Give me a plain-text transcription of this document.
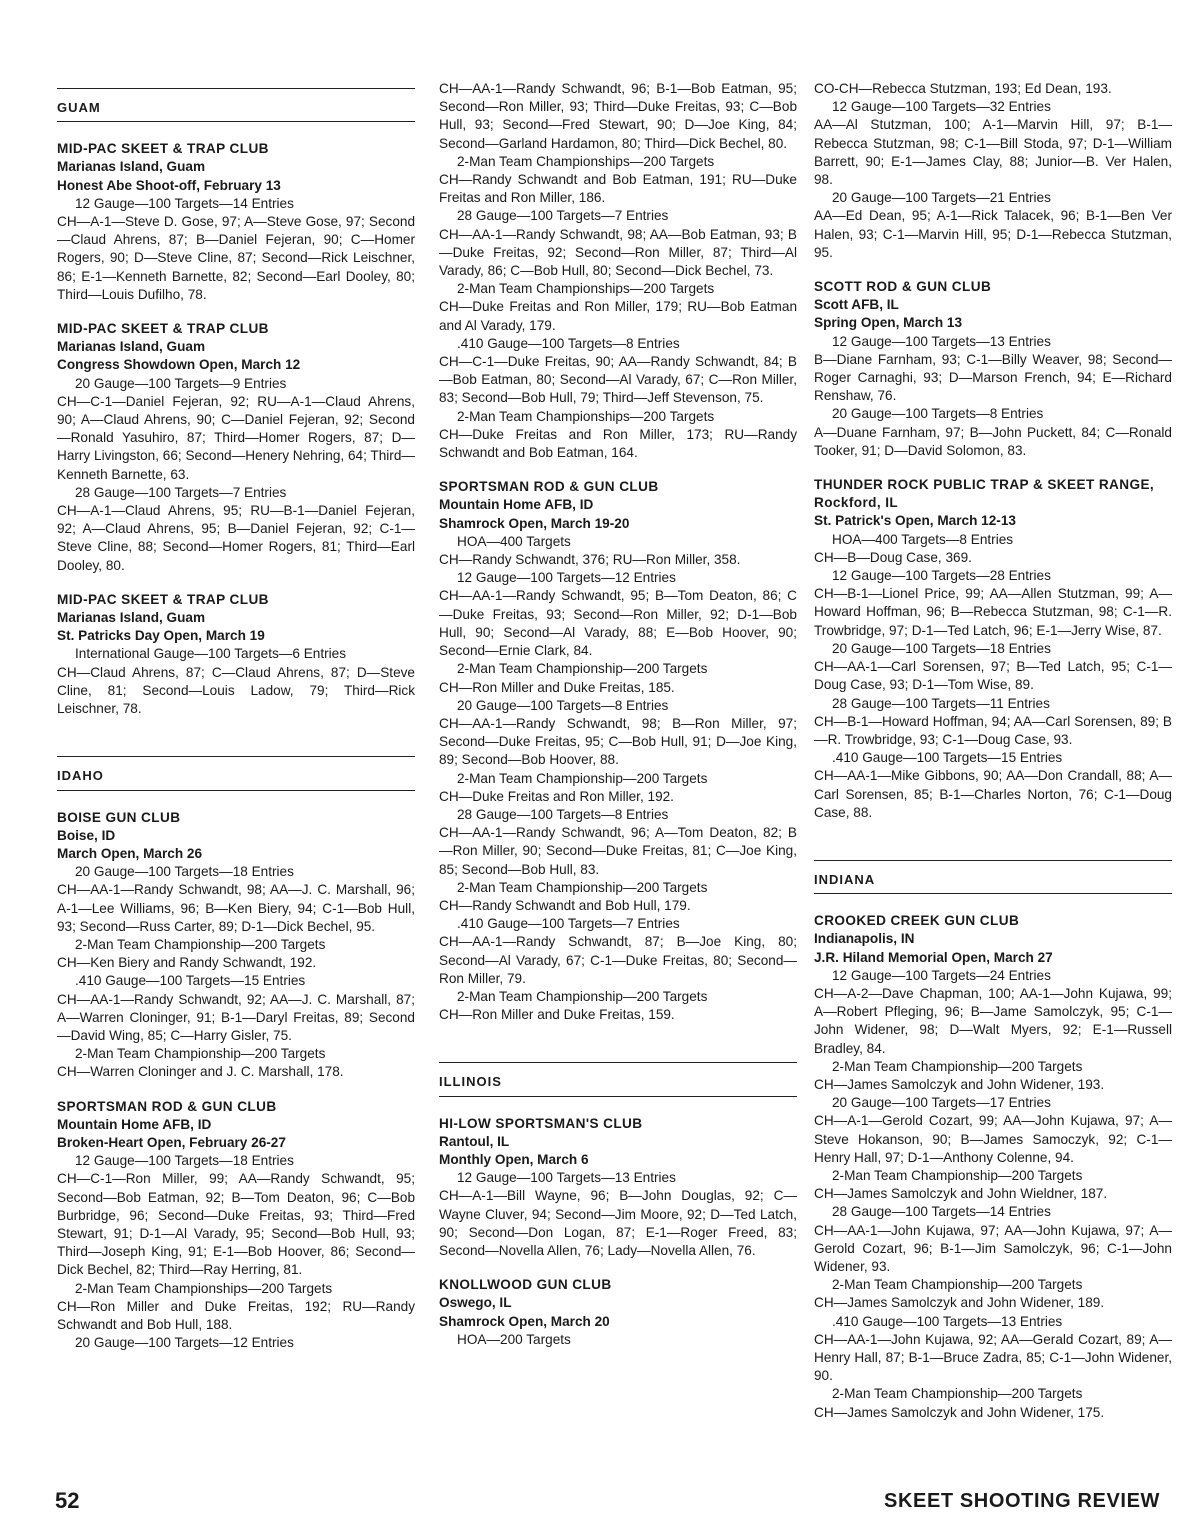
GUAM
MID-PAC SKEET & TRAP CLUB
Marianas Island, Guam
Honest Abe Shoot-off, February 13
12 Gauge—100 Targets—14 Entries
CH—A-1—Steve D. Gose, 97; A—Steve Gose, 97; Second—Claud Ahrens, 87; B—Daniel Fejeran, 90; C—Homer Rogers, 90; D—Steve Cline, 87; Second—Rick Leischner, 86; E-1—Kenneth Barnette, 82; Second—Earl Dooley, 80; Third—Louis Dufilho, 78.
MID-PAC SKEET & TRAP CLUB
Marianas Island, Guam
Congress Showdown Open, March 12
20 Gauge—100 Targets—9 Entries
CH—C-1—Daniel Fejeran, 92; RU—A-1—Claud Ahrens, 90; A—Claud Ahrens, 90; C—Daniel Fejeran, 92; Second—Ronald Yasuhiro, 87; Third—Homer Rogers, 87; D—Harry Livingston, 66; Second—Henery Nehring, 64; Third—Kenneth Barnette, 63.
28 Gauge—100 Targets—7 Entries
CH—A-1—Claud Ahrens, 95; RU—B-1—Daniel Fejeran, 92; A—Claud Ahrens, 95; B—Daniel Fejeran, 92; C-1—Steve Cline, 88; Second—Homer Rogers, 81; Third—Earl Dooley, 80.
MID-PAC SKEET & TRAP CLUB
Marianas Island, Guam
St. Patricks Day Open, March 19
International Gauge—100 Targets—6 Entries
CH—Claud Ahrens, 87; C—Claud Ahrens, 87; D—Steve Cline, 81; Second—Louis Ladow, 79; Third—Rick Leischner, 78.
IDAHO
BOISE GUN CLUB
Boise, ID
March Open, March 26
20 Gauge—100 Targets—18 Entries
CH—AA-1—Randy Schwandt, 98; AA—J. C. Marshall, 96; A-1—Lee Williams, 96; B—Ken Biery, 94; C-1—Bob Hull, 93; Second—Russ Carter, 89; D-1—Dick Bechel, 95.
2-Man Team Championship—200 Targets
CH—Ken Biery and Randy Schwandt, 192.
.410 Gauge—100 Targets—15 Entries
CH—AA-1—Randy Schwandt, 92; AA—J. C. Marshall, 87; A—Warren Cloninger, 91; B-1—Daryl Freitas, 89; Second—David Wing, 85; C—Harry Gisler, 75.
2-Man Team Championship—200 Targets
CH—Warren Cloninger and J. C. Marshall, 178.
SPORTSMAN ROD & GUN CLUB
Mountain Home AFB, ID
Broken-Heart Open, February 26-27
12 Gauge—100 Targets—18 Entries
CH—C-1—Ron Miller, 99; AA—Randy Schwandt, 95; Second—Bob Eatman, 92; B—Tom Deaton, 96; C—Bob Burbridge, 96; Second—Duke Freitas, 93; Third—Fred Stewart, 91; D-1—Al Varady, 95; Second—Bob Hull, 93; Third—Joseph King, 91; E-1—Bob Hoover, 86; Second—Dick Bechel, 82; Third—Ray Herring, 81.
2-Man Team Championships—200 Targets
CH—Ron Miller and Duke Freitas, 192; RU—Randy Schwandt and Bob Hull, 188.
20 Gauge—100 Targets—12 Entries
CH—AA-1—Randy Schwandt, 96; B-1—Bob Eatman, 95; Second—Ron Miller, 93; Third—Duke Freitas, 93; C—Bob Hull, 93; Second—Fred Stewart, 90; D—Joe King, 84; Second—Garland Hardamon, 80; Third—Dick Bechel, 80.
2-Man Team Championships—200 Targets
CH—Randy Schwandt and Bob Eatman, 191; RU—Duke Freitas and Ron Miller, 186.
28 Gauge—100 Targets—7 Entries
CH—AA-1—Randy Schwandt, 98; AA—Bob Eatman, 93; B—Duke Freitas, 92; Second—Ron Miller, 87; Third—Al Varady, 86; C—Bob Hull, 80; Second—Dick Bechel, 73.
2-Man Team Championships—200 Targets
CH—Duke Freitas and Ron Miller, 179; RU—Bob Eatman and Al Varady, 179.
.410 Gauge—100 Targets—8 Entries
CH—C-1—Duke Freitas, 90; AA—Randy Schwandt, 84; B—Bob Eatman, 80; Second—Al Varady, 67; C—Ron Miller, 83; Second—Bob Hull, 79; Third—Jeff Stevenson, 75.
2-Man Team Championships—200 Targets
CH—Duke Freitas and Ron Miller, 173; RU—Randy Schwandt and Bob Eatman, 164.
SPORTSMAN ROD & GUN CLUB
Mountain Home AFB, ID
Shamrock Open, March 19-20
HOA—400 Targets
CH—Randy Schwandt, 376; RU—Ron Miller, 358.
12 Gauge—100 Targets—12 Entries
CH—AA-1—Randy Schwandt, 95; B—Tom Deaton, 86; C—Duke Freitas, 93; Second—Ron Miller, 92; D-1—Bob Hull, 90; Second—Al Varady, 88; E—Bob Hoover, 90; Second—Ernie Clark, 84.
2-Man Team Championship—200 Targets
CH—Ron Miller and Duke Freitas, 185.
20 Gauge—100 Targets—8 Entries
CH—AA-1—Randy Schwandt, 98; B—Ron Miller, 97; Second—Duke Freitas, 95; C—Bob Hull, 91; D—Joe King, 89; Second—Bob Hoover, 88.
2-Man Team Championship—200 Targets
CH—Duke Freitas and Ron Miller, 192.
28 Gauge—100 Targets—8 Entries
CH—AA-1—Randy Schwandt, 96; A—Tom Deaton, 82; B—Ron Miller, 90; Second—Duke Freitas, 81; C—Joe King, 85; Second—Bob Hull, 83.
2-Man Team Championship—200 Targets
CH—Randy Schwandt and Bob Hull, 179.
.410 Gauge—100 Targets—7 Entries
CH—AA-1—Randy Schwandt, 87; B—Joe King, 80; Second—Al Varady, 67; C-1—Duke Freitas, 80; Second—Ron Miller, 79.
2-Man Team Championship—200 Targets
CH—Ron Miller and Duke Freitas, 159.
ILLINOIS
HI-LOW SPORTSMAN'S CLUB
Rantoul, IL
Monthly Open, March 6
12 Gauge—100 Targets—13 Entries
CH—A-1—Bill Wayne, 96; B—John Douglas, 92; C—Wayne Cluver, 94; Second—Jim Moore, 92; D—Ted Latch, 90; Second—Don Logan, 87; E-1—Roger Freed, 83; Second—Novella Allen, 76; Lady—Novella Allen, 76.
KNOLLWOOD GUN CLUB
Oswego, IL
Shamrock Open, March 20
HOA—200 Targets
CO-CH—Rebecca Stutzman, 193; Ed Dean, 193.
12 Gauge—100 Targets—32 Entries
AA—Al Stutzman, 100; A-1—Marvin Hill, 97; B-1—Rebecca Stutzman, 98; C-1—Bill Stoda, 97; D-1—William Barrett, 90; E-1—James Clay, 88; Junior—B. Ver Halen, 98.
20 Gauge—100 Targets—21 Entries
AA—Ed Dean, 95; A-1—Rick Talacek, 96; B-1—Ben Ver Halen, 93; C-1—Marvin Hill, 95; D-1—Rebecca Stutzman, 95.
SCOTT ROD & GUN CLUB
Scott AFB, IL
Spring Open, March 13
12 Gauge—100 Targets—13 Entries
B—Diane Farnham, 93; C-1—Billy Weaver, 98; Second—Roger Carnaghi, 93; D—Marson French, 94; E—Richard Renshaw, 76.
20 Gauge—100 Targets—8 Entries
A—Duane Farnham, 97; B—John Puckett, 84; C—Ronald Tooker, 91; D—David Solomon, 83.
THUNDER ROCK PUBLIC TRAP & SKEET RANGE, Rockford, IL
St. Patrick's Open, March 12-13
HOA—400 Targets—8 Entries
CH—B—Doug Case, 369.
12 Gauge—100 Targets—28 Entries
CH—B-1—Lionel Price, 99; AA—Allen Stutzman, 99; A—Howard Hoffman, 96; B—Rebecca Stutzman, 98; C-1—R. Trowbridge, 97; D-1—Ted Latch, 96; E-1—Jerry Wise, 87.
20 Gauge—100 Targets—18 Entries
CH—AA-1—Carl Sorensen, 97; B—Ted Latch, 95; C-1—Doug Case, 93; D-1—Tom Wise, 89.
28 Gauge—100 Targets—11 Entries
CH—B-1—Howard Hoffman, 94; AA—Carl Sorensen, 89; B—R. Trowbridge, 93; C-1—Doug Case, 93.
.410 Gauge—100 Targets—15 Entries
CH—AA-1—Mike Gibbons, 90; AA—Don Crandall, 88; A—Carl Sorensen, 85; B-1—Charles Norton, 76; C-1—Doug Case, 88.
INDIANA
CROOKED CREEK GUN CLUB
Indianapolis, IN
J.R. Hiland Memorial Open, March 27
12 Gauge—100 Targets—24 Entries
CH—A-2—Dave Chapman, 100; AA-1—John Kujawa, 99; A—Robert Pfleging, 96; B—Jame Samolczyk, 95; C-1—John Widener, 98; D—Walt Myers, 92; E-1—Russell Bradley, 84.
2-Man Team Championship—200 Targets
CH—James Samolczyk and John Widener, 193.
20 Gauge—100 Targets—17 Entries
CH—A-1—Gerold Cozart, 99; AA—John Kujawa, 97; A—Steve Hokanson, 90; B—James Samoczyk, 92; C-1—Henry Hall, 97; D-1—Anthony Colenne, 94.
2-Man Team Championship—200 Targets
CH—James Samolczyk and John Wieldner, 187.
28 Gauge—100 Targets—14 Entries
CH—AA-1—John Kujawa, 97; AA—John Kujawa, 97; A—Gerold Cozart, 96; B-1—Jim Samolczyk, 96; C-1—John Widener, 93.
2-Man Team Championship—200 Targets
CH—James Samolczyk and John Widener, 189.
.410 Gauge—100 Targets—13 Entries
CH—AA-1—John Kujawa, 92; AA—Gerald Cozart, 89; A—Henry Hall, 87; B-1—Bruce Zadra, 85; C-1—John Widener, 90.
2-Man Team Championship—200 Targets
CH—James Samolczyk and John Widener, 175.
52	SKEET SHOOTING REVIEW
